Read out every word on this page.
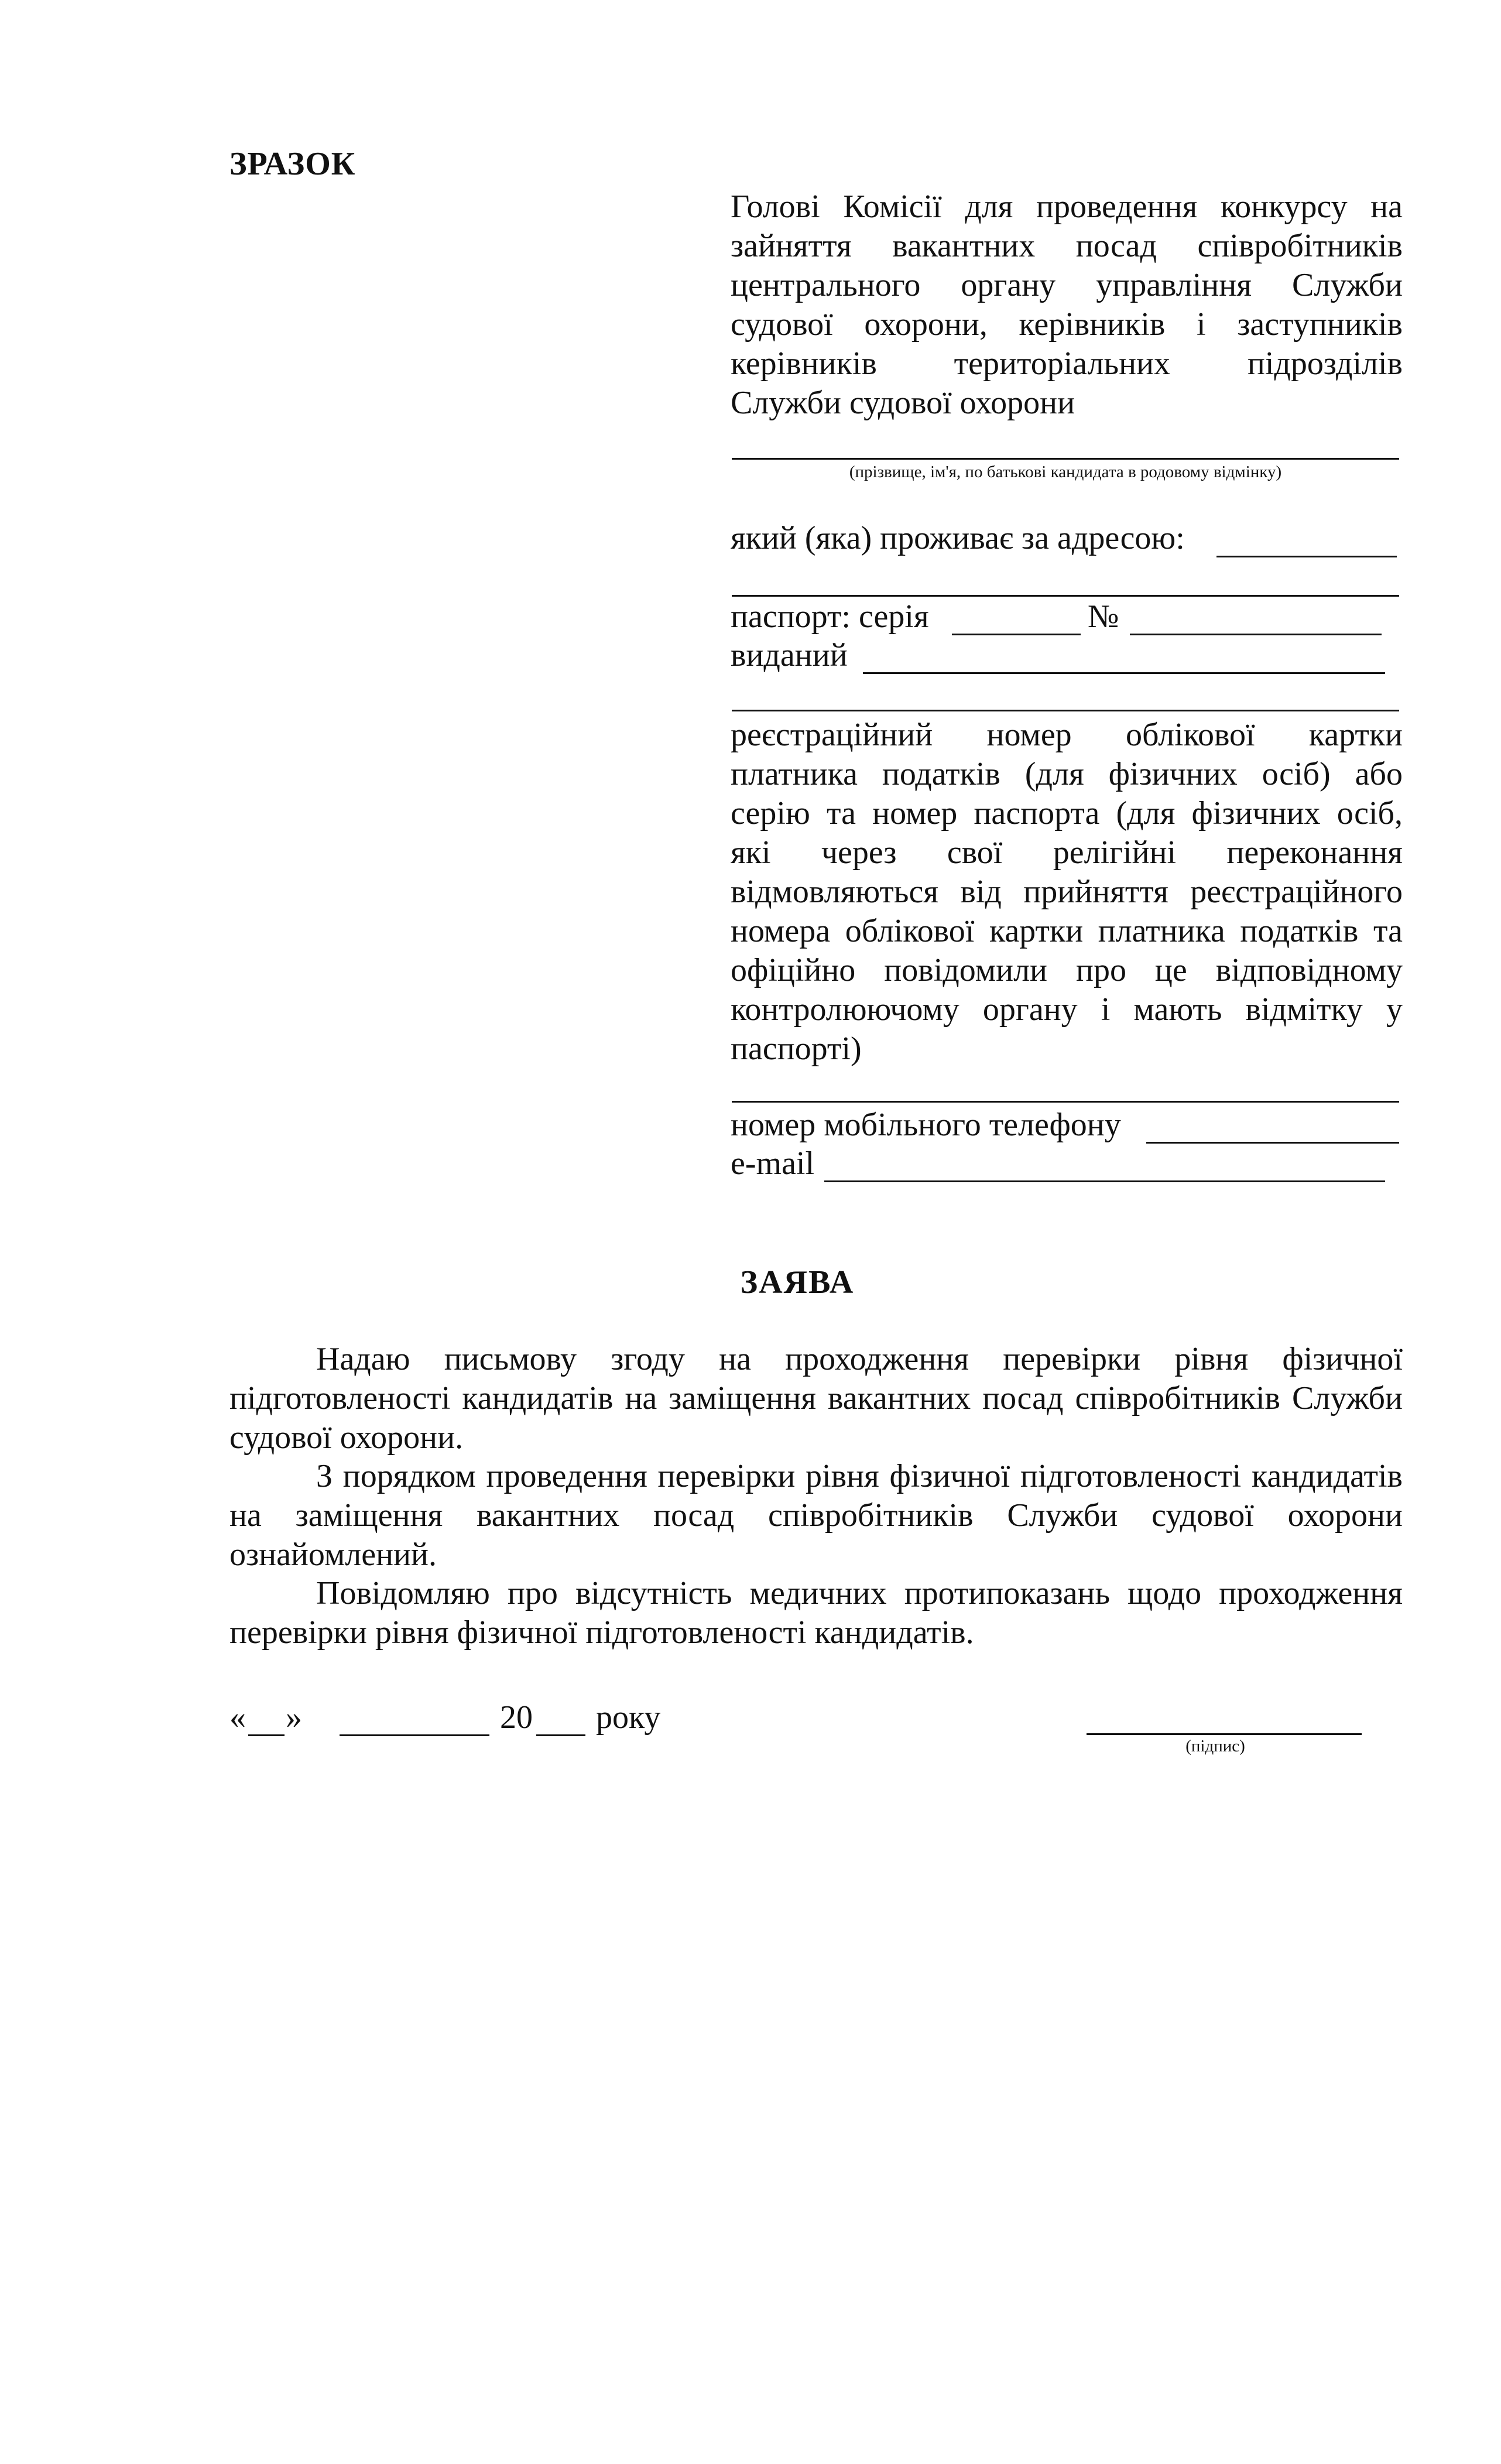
ЗРАЗОК
Голові Комісії для проведення конкурсу на
зайняття вакантних посад співробітників
центрального органу управління Служби
судової охорони, керівників і заступників
керівників територіальних підрозділів
Служби судової охорони
(прізвище, ім'я, по батькові кандидата в родовому відмінку)
який (яка) проживає за адресою:
паспорт: серія	№
виданий
реєстраційний номер облікової картки
платника податків (для фізичних осіб) або
серію та номер паспорта (для фізичних осіб,
які через свої релігійні переконання
відмовляються від прийняття реєстраційного
номера облікової картки платника податків та
офіційно повідомили про це відповідному
контролюючому органу і мають відмітку у
паспорті)
номер мобільного телефону
e-mail
ЗАЯВА
Надаю письмову згоду на проходження перевірки рівня фізичної підготовленості кандидатів на заміщення вакантних посад співробітників Служби судової охорони.
З порядком проведення перевірки рівня фізичної підготовленості кандидатів на заміщення вакантних посад співробітників Служби судової охорони ознайомлений.
Повідомляю про відсутність медичних протипоказань щодо проходження перевірки рівня фізичної підготовленості кандидатів.
« »	20 року
(підпис)
